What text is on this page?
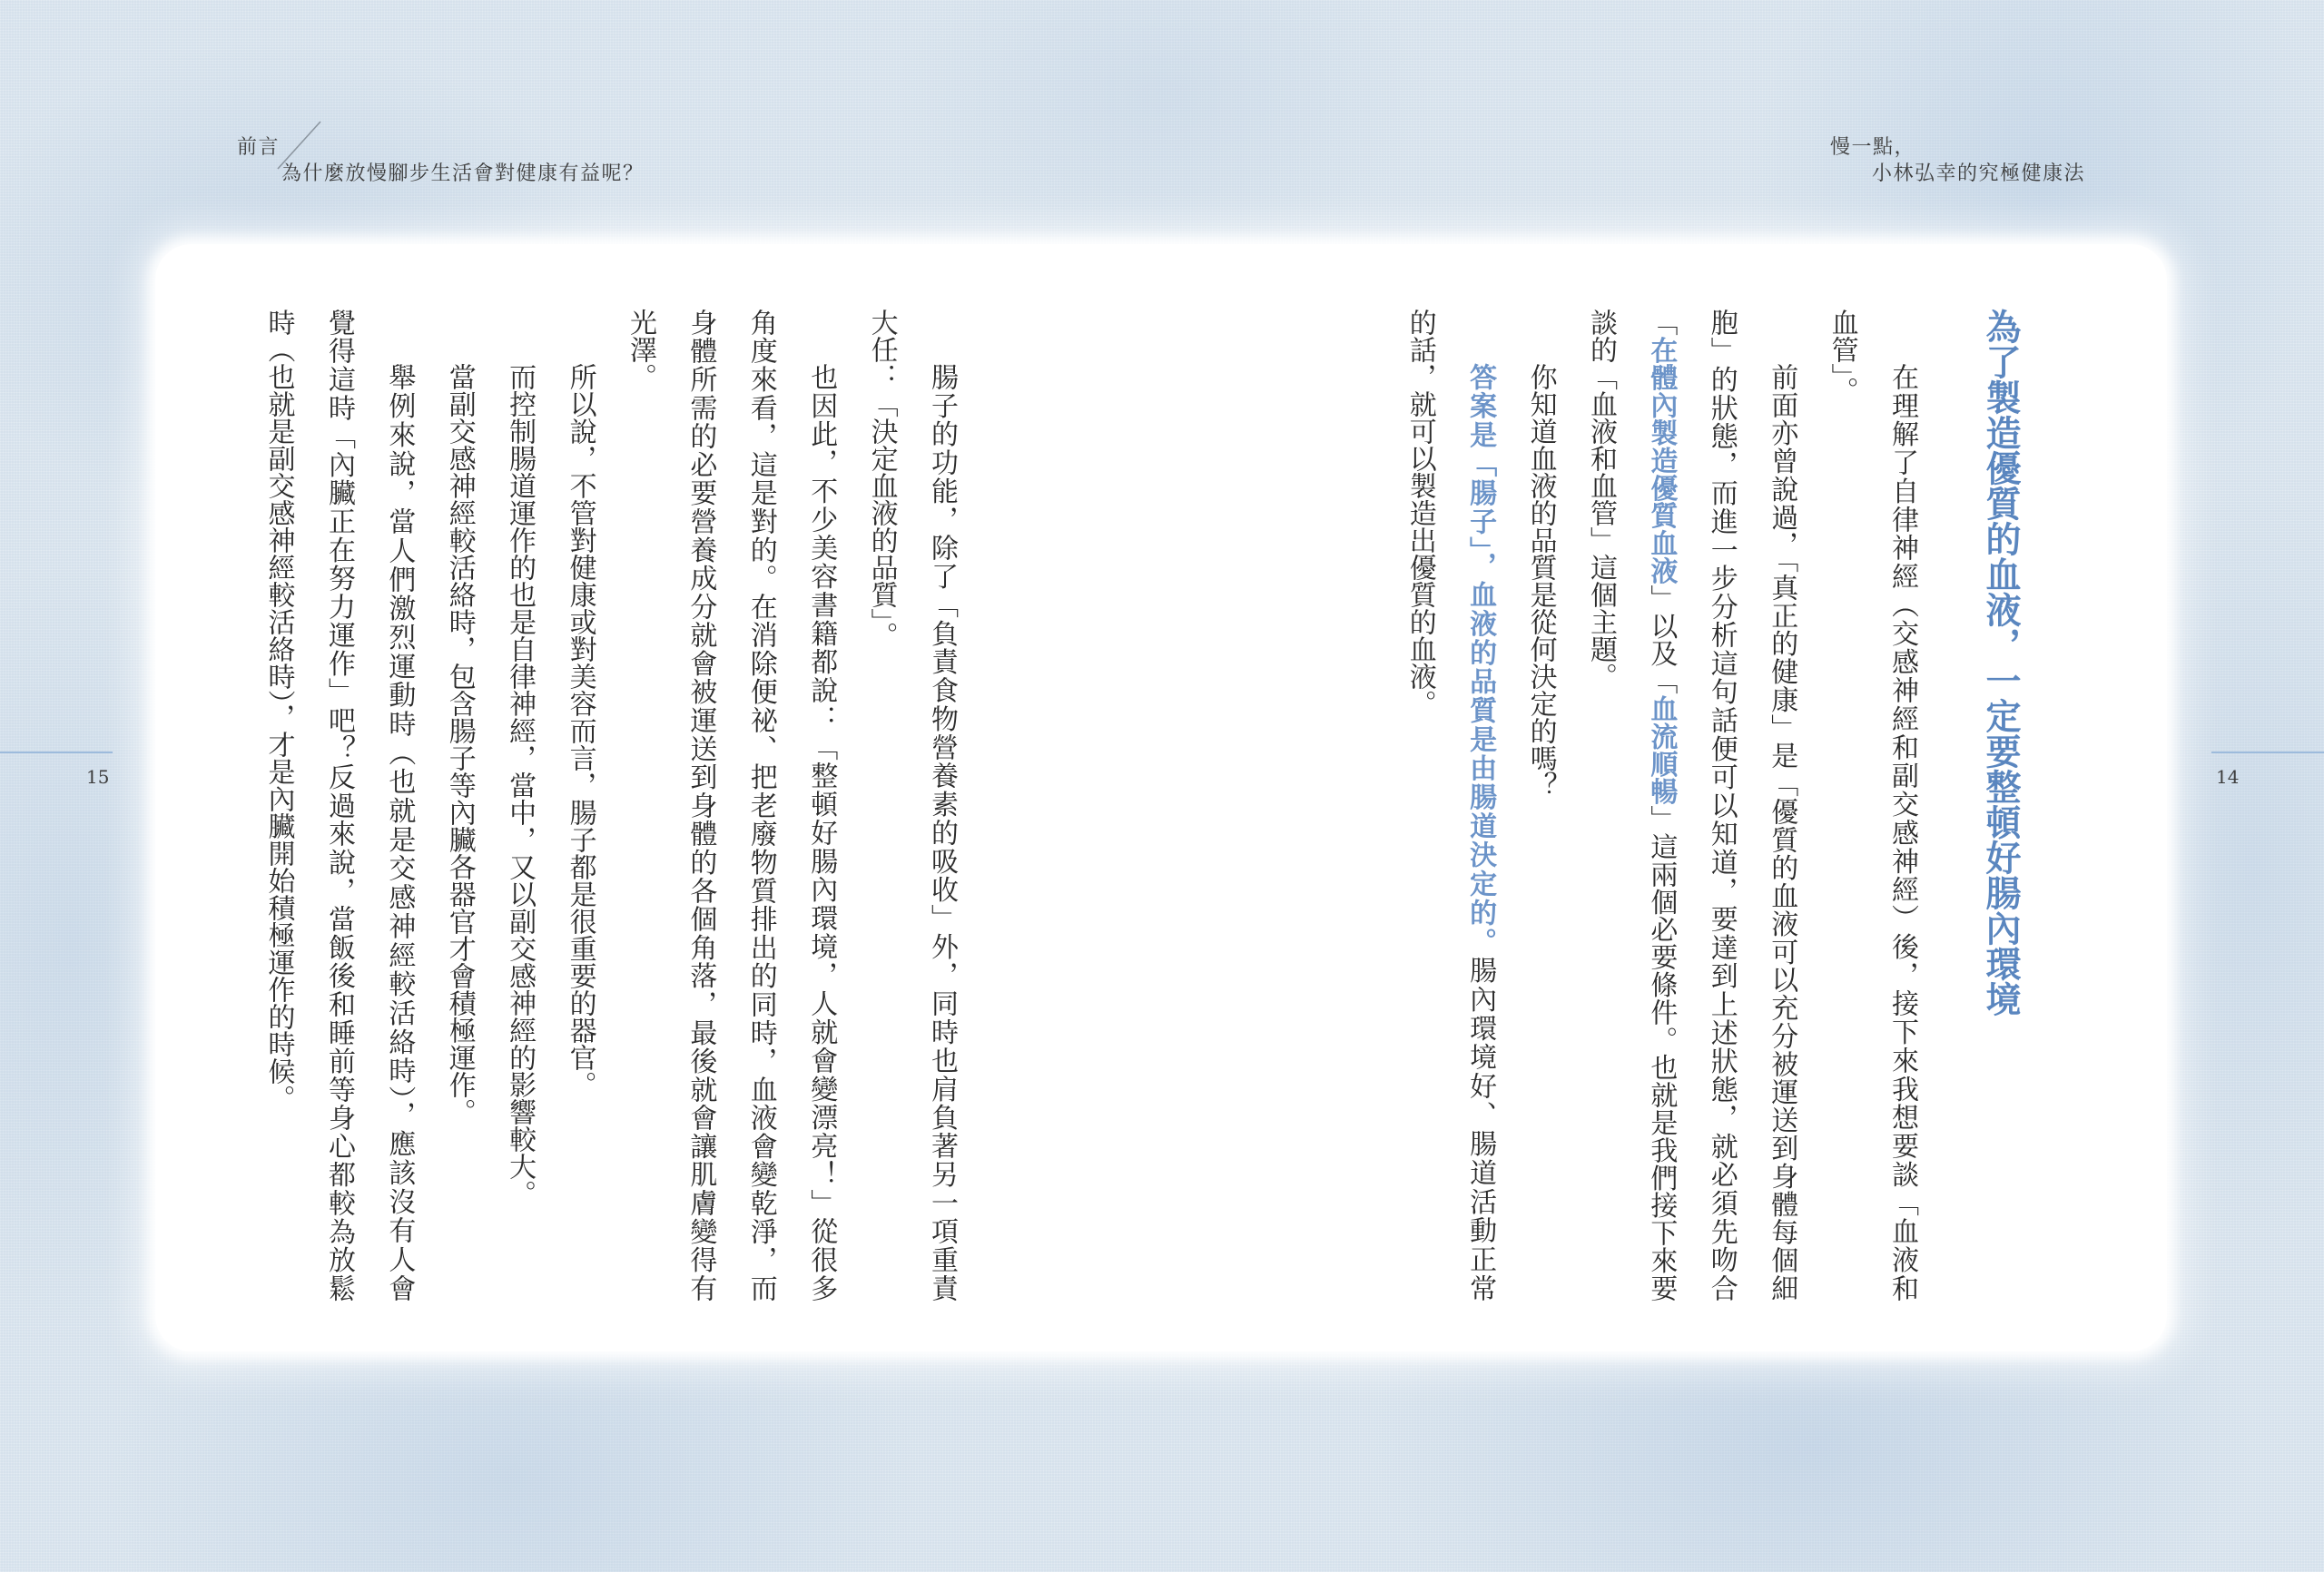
前言
為什麼放慢腳步生活會對健康有益呢？
慢一點，
小林弘幸的究極健康法
15	14

為了製造優質的血液，一定要整頓好腸內環境

在理解了自律神經（交感神經和副交感神經）後，接下來我想要談「血液和

血管」。

前面亦曾說過，「真正的健康」是「優質的血液可以充分被運送到身體每個細

胞」的狀態，而進一步分析這句話便可以知道，要達到上述狀態，就必須先吻合

「在體內製造優質血液」以及「血流順暢」這兩個必要條件。也就是我們接下來要

談的「血液和血管」這個主題。

你知道血液的品質是從何決定的嗎？

答案是「腸子」，血液的品質是由腸道決定的。腸內環境好、腸道活動正常

的話，就可以製造出優質的血液。

腸子的功能，除了「負責食物營養素的吸收」外，同時也肩負著另一項重責

大任：「決定血液的品質」。

也因此，不少美容書籍都說：「整頓好腸內環境，人就會變漂亮！」從很多

角度來看，這是對的。在消除便祕、把老廢物質排出的同時，血液會變乾淨，而

身體所需的必要營養成分就會被運送到身體的各個角落，最後就會讓肌膚變得有

光澤。

所以說，不管對健康或對美容而言，腸子都是很重要的器官。

而控制腸道運作的也是自律神經，當中，又以副交感神經的影響較大。

當副交感神經較活絡時，包含腸子等內臟各器官才會積極運作。

舉例來說，當人們激烈運動時（也就是交感神經較活絡時），應該沒有人會

覺得這時「內臟正在努力運作」吧？反過來說，當飯後和睡前等身心都較為放鬆

時（也就是副交感神經較活絡時），才是內臟開始積極運作的時候。
